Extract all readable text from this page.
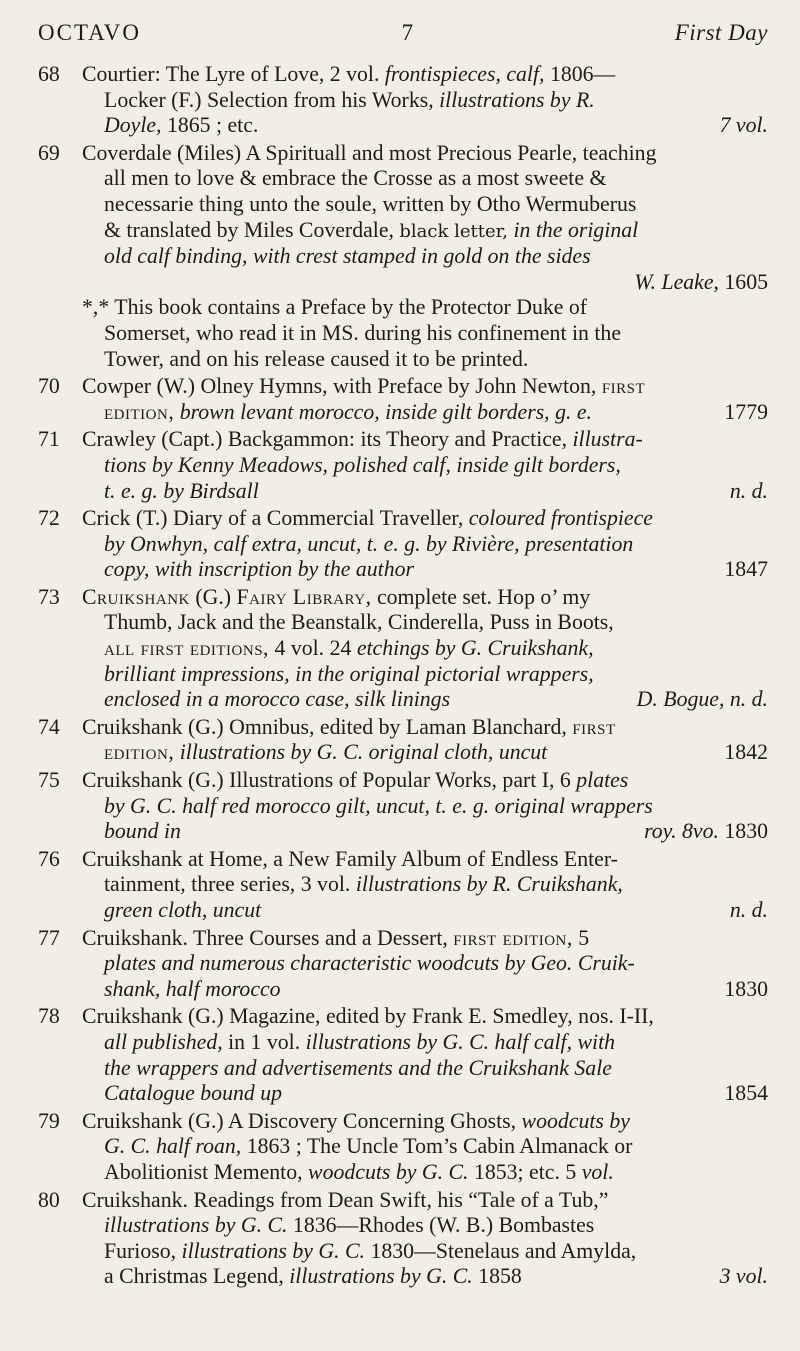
OCTAVO	7	First Day
68	Courtier: The Lyre of Love, 2 vol. frontispieces, calf, 1806—
Locker (F.) Selection from his Works, illustrations by R.
Doyle, 1865 ; etc.	7 vol.
69	Coverdale (Miles) A Spirituall and most Precious Pearle, teaching
all men to love & embrace the Crosse as a most sweete &
necessarie thing unto the soule, written by Otho Wermuberus
& translated by Miles Coverdale, black letter, in the original
old calf binding, with crest stamped in gold on the sides
W. Leake, 1605
*,* This book contains a Preface by the Protector Duke of
Somerset, who read it in MS. during his confinement in the
Tower, and on his release caused it to be printed.
70	Cowper (W.) Olney Hymns, with Preface by John Newton, first
edition, brown levant morocco, inside gilt borders, g. e.	1779
71	Crawley (Capt.) Backgammon: its Theory and Practice, illustra-
tions by Kenny Meadows, polished calf, inside gilt borders,
t. e. g. by Birdsall	n. d.
72	Crick (T.) Diary of a Commercial Traveller, coloured frontispiece
by Onwhyn, calf extra, uncut, t. e. g. by Rivière, presentation
copy, with inscription by the author	1847
73	Cruikshank (G.) Fairy Library, complete set. Hop o’ my
Thumb, Jack and the Beanstalk, Cinderella, Puss in Boots,
all first editions, 4 vol. 24 etchings by G. Cruikshank,
brilliant impressions, in the original pictorial wrappers,
enclosed in a morocco case, silk linings	D. Bogue, n. d.
74	Cruikshank (G.) Omnibus, edited by Laman Blanchard, first
edition, illustrations by G. C. original cloth, uncut	1842
75	Cruikshank (G.) Illustrations of Popular Works, part I, 6 plates
by G. C. half red morocco gilt, uncut, t. e. g. original wrappers
bound in	roy. 8vo. 1830
76	Cruikshank at Home, a New Family Album of Endless Enter-
tainment, three series, 3 vol. illustrations by R. Cruikshank,
green cloth, uncut	n. d.
77	Cruikshank. Three Courses and a Dessert, first edition, 5
plates and numerous characteristic woodcuts by Geo. Cruik-
shank, half morocco	1830
78	Cruikshank (G.) Magazine, edited by Frank E. Smedley, nos. I-II,
all published, in 1 vol. illustrations by G. C. half calf, with
the wrappers and advertisements and the Cruikshank Sale
Catalogue bound up	1854
79	Cruikshank (G.) A Discovery Concerning Ghosts, woodcuts by
G. C. half roan, 1863 ; The Uncle Tom’s Cabin Almanack or
Abolitionist Memento, woodcuts by G. C. 1853; etc. 5 vol.
80	Cruikshank. Readings from Dean Swift, his “Tale of a Tub,”
illustrations by G. C. 1836—Rhodes (W. B.) Bombastes
Furioso, illustrations by G. C. 1830—Stenelaus and Amylda,
a Christmas Legend, illustrations by G. C. 1858	3 vol.
